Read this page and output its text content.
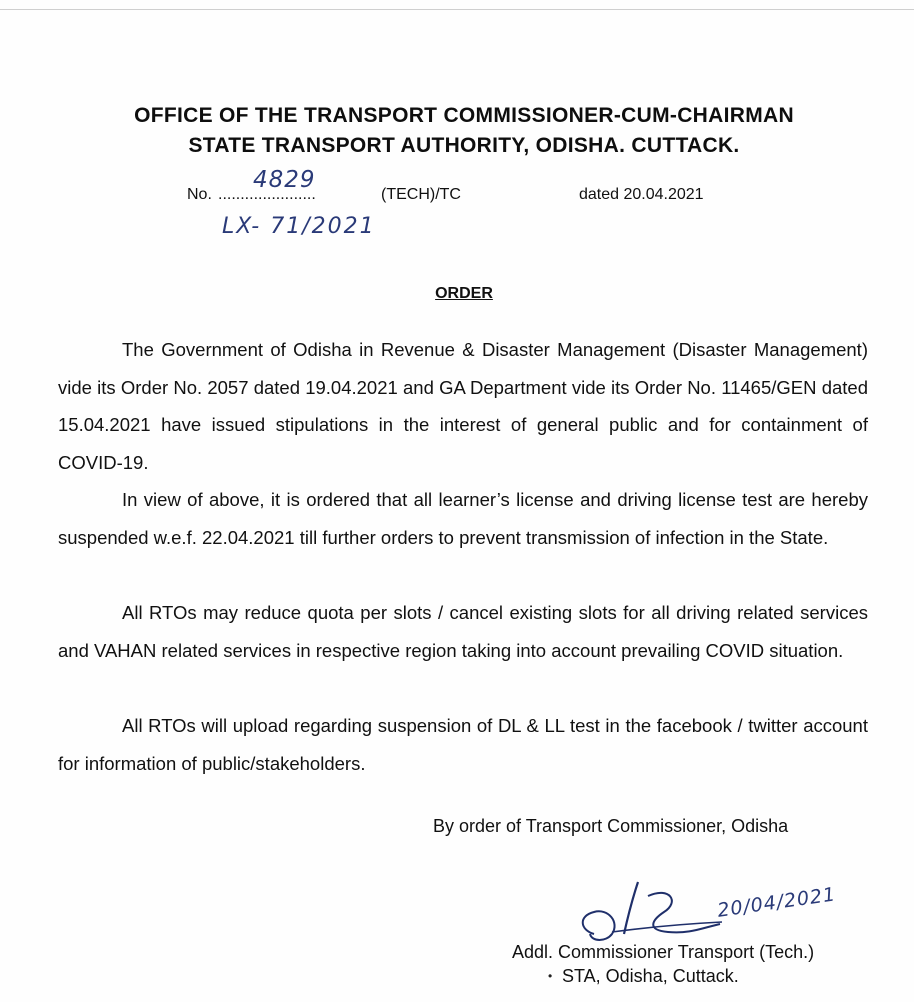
OFFICE OF THE TRANSPORT COMMISSIONER-CUM-CHAIRMAN
STATE TRANSPORT AUTHORITY, ODISHA. CUTTACK.
No. ......................
4829
(TECH)/TC	dated 20.04.2021
LX- 71/2021
ORDER

The Government of Odisha in Revenue & Disaster Management (Disaster Management) vide its Order No. 2057 dated 19.04.2021 and GA Department vide its Order No. 11465/GEN dated 15.04.2021 have issued stipulations in the interest of general public and for containment of COVID-19.

In view of above, it is ordered that all learner’s license and driving license test are hereby suspended w.e.f. 22.04.2021 till further orders to prevent transmission of infection in the State.

All RTOs may reduce quota per slots / cancel existing slots for all driving related services and VAHAN related services in respective region taking into account prevailing COVID situation.

All RTOs will upload regarding suspension of DL & LL test in the facebook / twitter account for information of public/stakeholders.

By order of Transport Commissioner, Odisha
20/04/2021
Addl. Commissioner Transport (Tech.)
• STA, Odisha, Cuttack.
